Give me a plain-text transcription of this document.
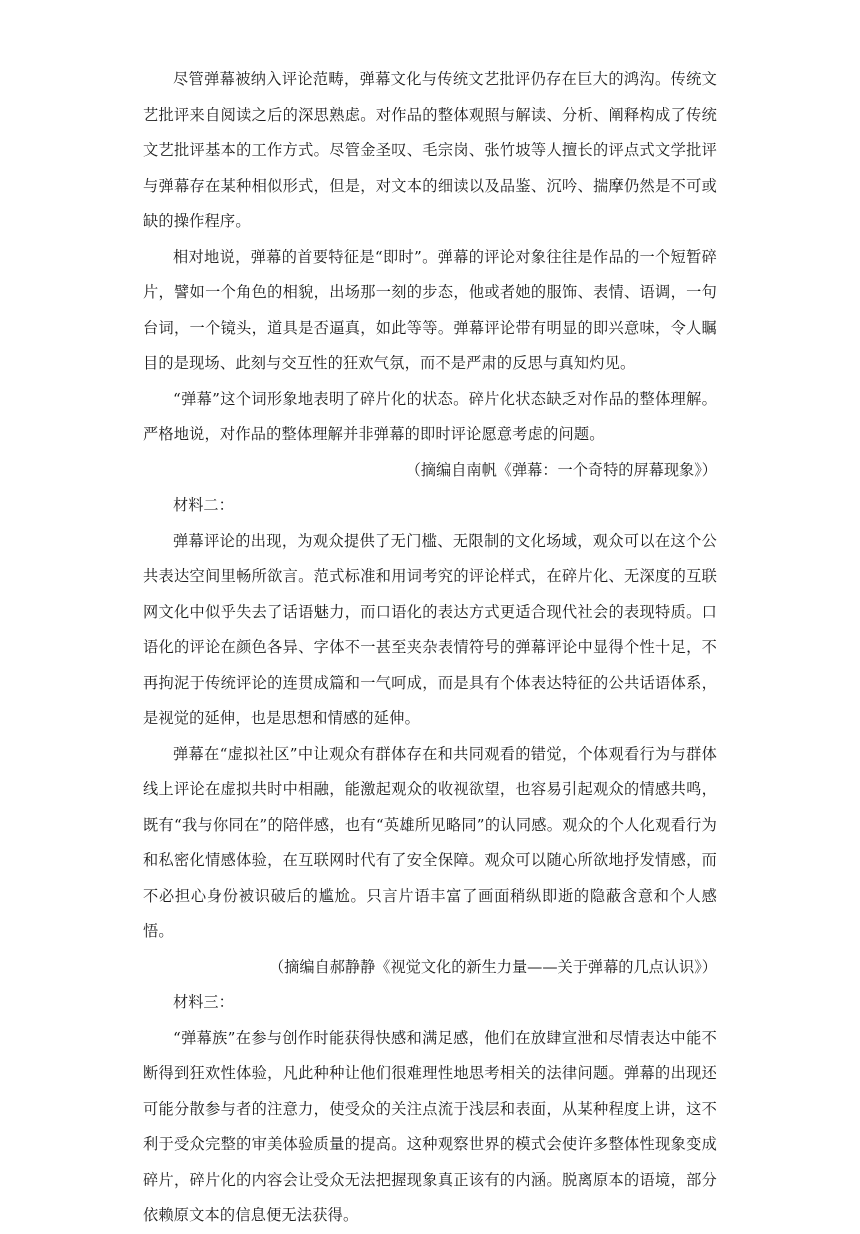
尽管弹幕被纳入评论范畴，弹幕文化与传统文艺批评仍存在巨大的鸿沟。传统文艺批评来自阅读之后的深思熟虑。对作品的整体观照与解读、分析、阐释构成了传统文艺批评基本的工作方式。尽管金圣叹、毛宗岗、张竹坡等人擅长的评点式文学批评与弹幕存在某种相似形式，但是，对文本的细读以及品鉴、沉吟、揣摩仍然是不可或缺的操作程序。

相对地说，弹幕的首要特征是“即时”。弹幕的评论对象往往是作品的一个短暂碎片，譬如一个角色的相貌，出场那一刻的步态，他或者她的服饰、表情、语调，一句台词，一个镜头，道具是否逼真，如此等等。弹幕评论带有明显的即兴意味，令人瞩目的是现场、此刻与交互性的狂欢气氛，而不是严肃的反思与真知灼见。

“弹幕”这个词形象地表明了碎片化的状态。碎片化状态缺乏对作品的整体理解。严格地说，对作品的整体理解并非弹幕的即时评论愿意考虑的问题。

（摘编自南帆《弹幕：一个奇特的屏幕现象》）

材料二：

弹幕评论的出现，为观众提供了无门槛、无限制的文化场域，观众可以在这个公共表达空间里畅所欲言。范式标准和用词考究的评论样式，在碎片化、无深度的互联网文化中似乎失去了话语魅力，而口语化的表达方式更适合现代社会的表现特质。口语化的评论在颜色各异、字体不一甚至夹杂表情符号的弹幕评论中显得个性十足，不再拘泥于传统评论的连贯成篇和一气呵成，而是具有个体表达特征的公共话语体系，是视觉的延伸，也是思想和情感的延伸。

弹幕在“虚拟社区”中让观众有群体存在和共同观看的错觉，个体观看行为与群体线上评论在虚拟共时中相融，能激起观众的收视欲望，也容易引起观众的情感共鸣，既有“我与你同在”的陪伴感，也有“英雄所见略同”的认同感。观众的个人化观看行为和私密化情感体验，在互联网时代有了安全保障。观众可以随心所欲地抒发情感，而不必担心身份被识破后的尴尬。只言片语丰富了画面稍纵即逝的隐蔽含意和个人感悟。

（摘编自郝静静《视觉文化的新生力量——关于弹幕的几点认识》）

材料三：

“弹幕族”在参与创作时能获得快感和满足感，他们在放肆宣泄和尽情表达中能不断得到狂欢性体验，凡此种种让他们很难理性地思考相关的法律问题。弹幕的出现还可能分散参与者的注意力，使受众的关注点流于浅层和表面，从某种程度上讲，这不利于受众完整的审美体验质量的提高。这种观察世界的模式会使许多整体性现象变成碎片，碎片化的内容会让受众无法把握现象真正该有的内涵。脱离原本的语境，部分依赖原文本的信息便无法获得。
